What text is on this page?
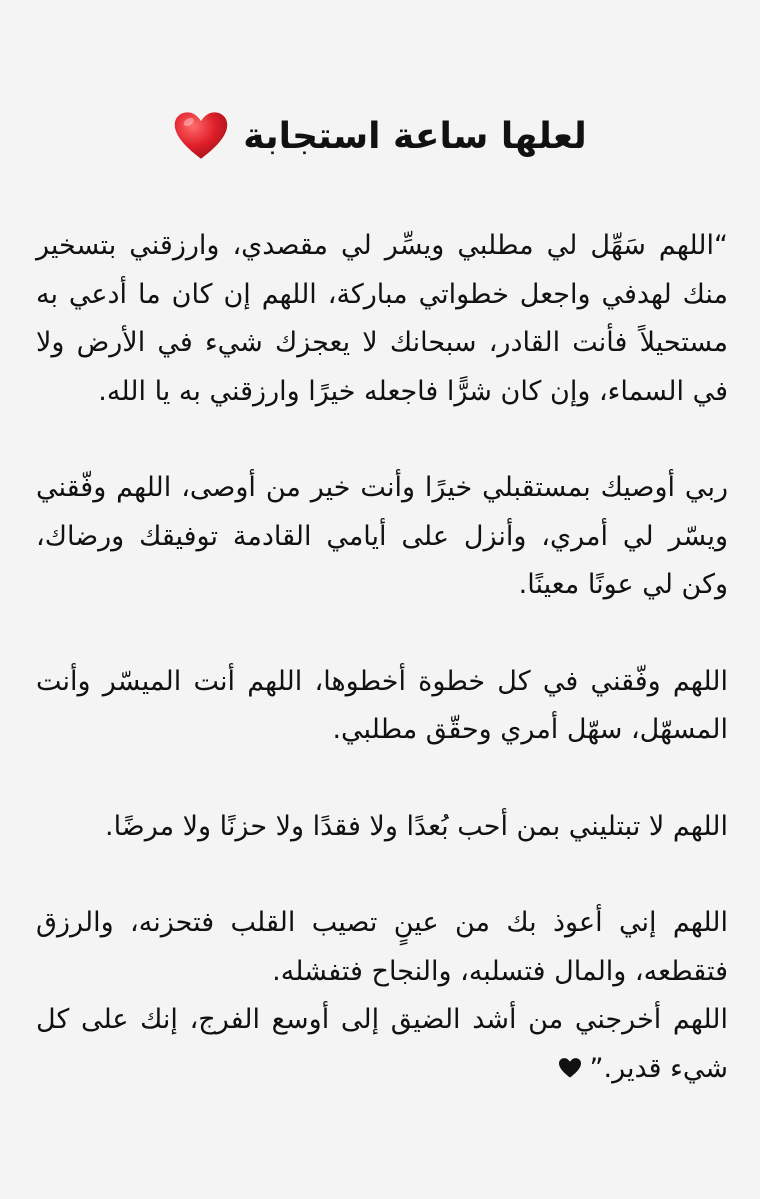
لعلها ساعة استجابة

“اللهم سَهِّل لي مطلبي ويسِّر لي مقصدي، وارزقني بتسخير منك لهدفي واجعل خطواتي مباركة، اللهم إن كان ما أدعي به مستحيلاً فأنت القادر، سبحانك لا يعجزك شيء في الأرض ولا في السماء، وإن كان شرًّا فاجعله خيرًا وارزقني به يا الله.

ربي أوصيك بمستقبلي خيرًا وأنت خير من أوصى، اللهم وفّقني ويسّر لي أمري، وأنزل على أيامي القادمة توفيقك ورضاك، وكن لي عونًا معينًا.

اللهم وفّقني في كل خطوة أخطوها، اللهم أنت الميسّر وأنت المسهّل، سهّل أمري وحقّق مطلبي.

اللهم لا تبتليني بمن أحب بُعدًا ولا فقدًا ولا حزنًا ولا مرضًا.

اللهم إني أعوذ بك من عينٍ تصيب القلب فتحزنه، والرزق فتقطعه، والمال فتسلبه، والنجاح فتفشله.

اللهم أخرجني من أشد الضيق إلى أوسع الفرج، إنك على كل شيء قدير.”
